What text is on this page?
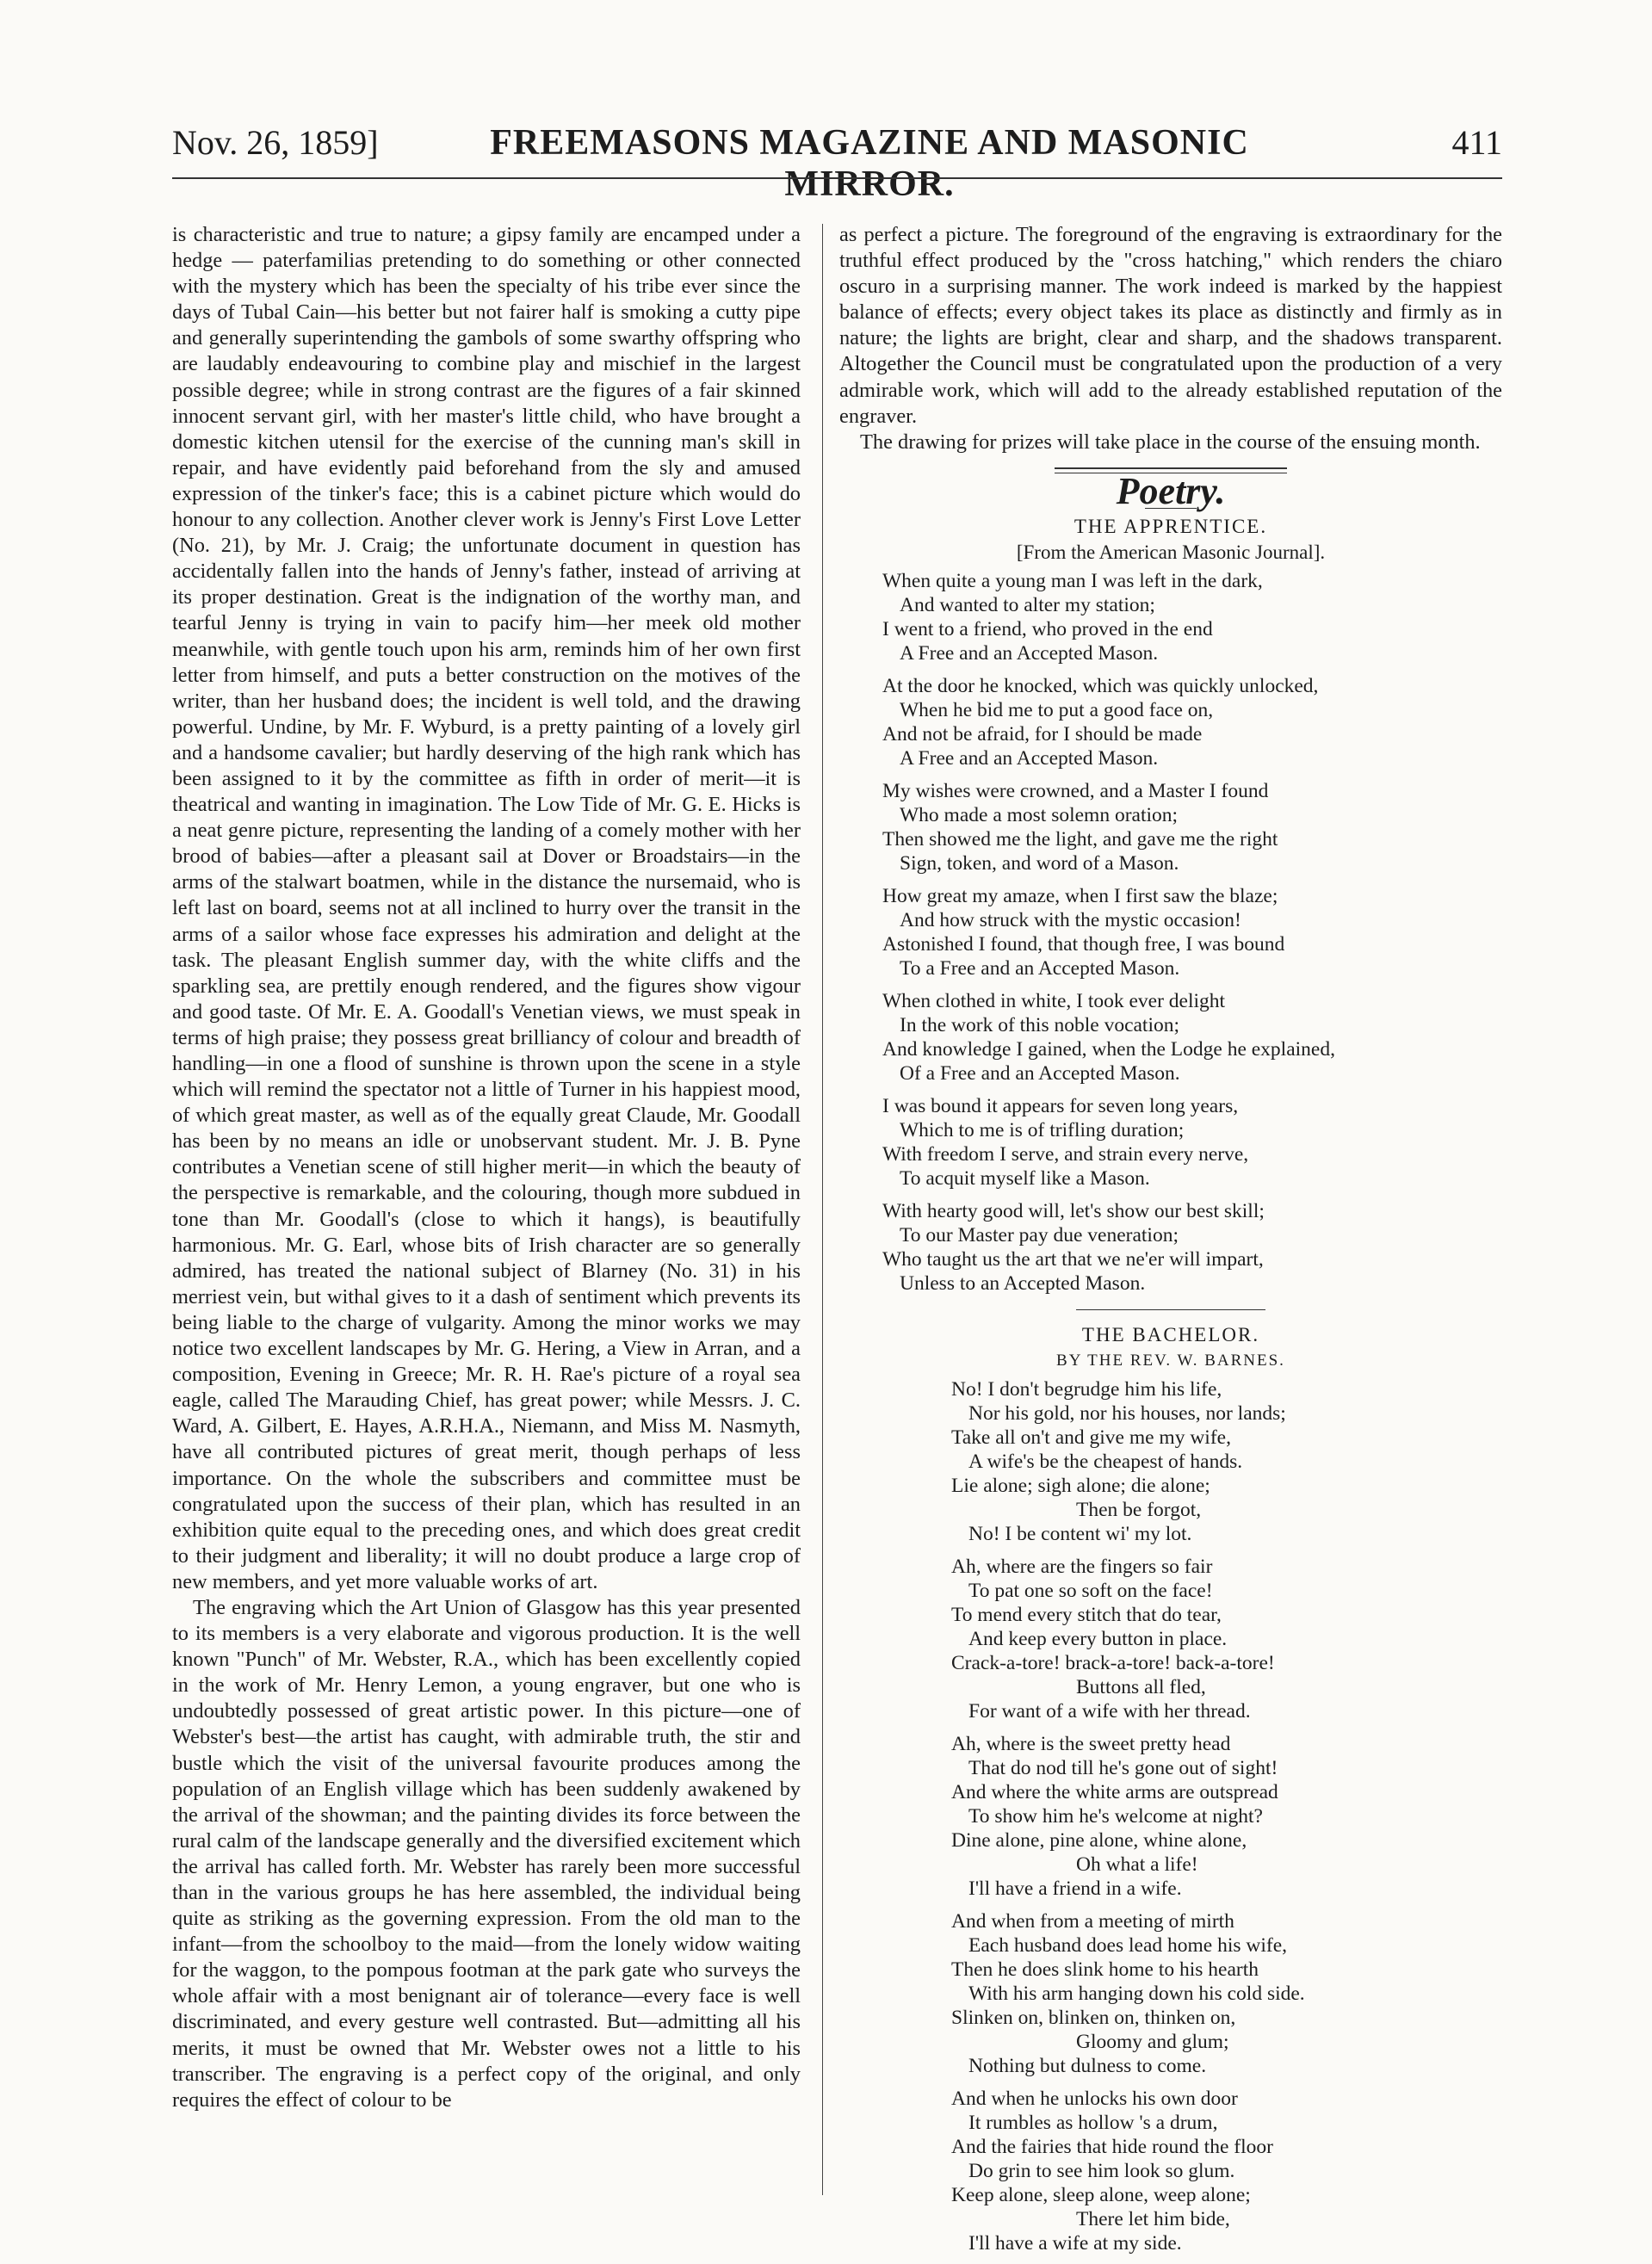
Nov. 26, 1859]	FREEMASONS MAGAZINE AND MASONIC MIRROR.
411

is characteristic and true to nature; a gipsy family are encamped under a hedge — paterfamilias pretending to do something or other connected with the mystery which has been the specialty of his tribe ever since the days of Tubal Cain—his better but not fairer half is smoking a cutty pipe and generally superintending the gambols of some swarthy offspring who are laudably endeavouring to combine play and mischief in the largest possible degree; while in strong contrast are the figures of a fair skinned innocent servant girl, with her master's little child, who have brought a domestic kitchen utensil for the exercise of the cunning man's skill in repair, and have evidently paid beforehand from the sly and amused expression of the tinker's face; this is a cabinet picture which would do honour to any collection. Another clever work is Jenny's First Love Letter (No. 21), by Mr. J. Craig; the unfortunate document in question has accidentally fallen into the hands of Jenny's father, instead of arriving at its proper destination. Great is the indignation of the worthy man, and tearful Jenny is trying in vain to pacify him—her meek old mother meanwhile, with gentle touch upon his arm, reminds him of her own first letter from himself, and puts a better construction on the motives of the writer, than her husband does; the incident is well told, and the drawing powerful. Undine, by Mr. F. Wyburd, is a pretty painting of a lovely girl and a handsome cavalier; but hardly deserving of the high rank which has been assigned to it by the committee as fifth in order of merit—it is theatrical and wanting in imagination. The Low Tide of Mr. G. E. Hicks is a neat genre picture, representing the landing of a comely mother with her brood of babies—after a pleasant sail at Dover or Broadstairs—in the arms of the stalwart boatmen, while in the distance the nursemaid, who is left last on board, seems not at all inclined to hurry over the transit in the arms of a sailor whose face expresses his admiration and delight at the task. The pleasant English summer day, with the white cliffs and the sparkling sea, are prettily enough rendered, and the figures show vigour and good taste. Of Mr. E. A. Goodall's Venetian views, we must speak in terms of high praise; they possess great brilliancy of colour and breadth of handling—in one a flood of sunshine is thrown upon the scene in a style which will remind the spectator not a little of Turner in his happiest mood, of which great master, as well as of the equally great Claude, Mr. Goodall has been by no means an idle or unobservant student. Mr. J. B. Pyne contributes a Venetian scene of still higher merit—in which the beauty of the perspective is remarkable, and the colouring, though more subdued in tone than Mr. Goodall's (close to which it hangs), is beautifully harmonious. Mr. G. Earl, whose bits of Irish character are so generally admired, has treated the national subject of Blarney (No. 31) in his merriest vein, but withal gives to it a dash of sentiment which prevents its being liable to the charge of vulgarity. Among the minor works we may notice two excellent landscapes by Mr. G. Hering, a View in Arran, and a composition, Evening in Greece; Mr. R. H. Rae's picture of a royal sea eagle, called The Marauding Chief, has great power; while Messrs. J. C. Ward, A. Gilbert, E. Hayes, A.R.H.A., Niemann, and Miss M. Nasmyth, have all contributed pictures of great merit, though perhaps of less importance. On the whole the subscribers and committee must be congratulated upon the success of their plan, which has resulted in an exhibition quite equal to the preceding ones, and which does great credit to their judgment and liberality; it will no doubt produce a large crop of new members, and yet more valuable works of art.

The engraving which the Art Union of Glasgow has this year presented to its members is a very elaborate and vigorous production. It is the well known "Punch" of Mr. Webster, R.A., which has been excellently copied in the work of Mr. Henry Lemon, a young engraver, but one who is undoubtedly possessed of great artistic power. In this picture—one of Webster's best—the artist has caught, with admirable truth, the stir and bustle which the visit of the universal favourite produces among the population of an English village which has been suddenly awakened by the arrival of the showman; and the painting divides its force between the rural calm of the landscape generally and the diversified excitement which the arrival has called forth. Mr. Webster has rarely been more successful than in the various groups he has here assembled, the individual being quite as striking as the governing expression. From the old man to the infant—from the schoolboy to the maid—from the lonely widow waiting for the waggon, to the pompous footman at the park gate who surveys the whole affair with a most benignant air of tolerance—every face is well discriminated, and every gesture well contrasted. But—admitting all his merits, it must be owned that Mr. Webster owes not a little to his transcriber. The engraving is a perfect copy of the original, and only requires the effect of colour to be

as perfect a picture. The foreground of the engraving is extraordinary for the truthful effect produced by the "cross hatching," which renders the chiaro oscuro in a surprising manner. The work indeed is marked by the happiest balance of effects; every object takes its place as distinctly and firmly as in nature; the lights are bright, clear and sharp, and the shadows transparent. Altogether the Council must be congratulated upon the production of a very admirable work, which will add to the already established reputation of the engraver.

The drawing for prizes will take place in the course of the ensuing month.

Poetry.
THE APPRENTICE.
[From the American Masonic Journal].
When quite a young man I was left in the dark,
And wanted to alter my station;
I went to a friend, who proved in the end
A Free and an Accepted Mason.
At the door he knocked, which was quickly unlocked,
When he bid me to put a good face on,
And not be afraid, for I should be made
A Free and an Accepted Mason.
My wishes were crowned, and a Master I found
Who made a most solemn oration;
Then showed me the light, and gave me the right
Sign, token, and word of a Mason.
How great my amaze, when I first saw the blaze;
And how struck with the mystic occasion!
Astonished I found, that though free, I was bound
To a Free and an Accepted Mason.
When clothed in white, I took ever delight
In the work of this noble vocation;
And knowledge I gained, when the Lodge he explained,
Of a Free and an Accepted Mason.
I was bound it appears for seven long years,
Which to me is of trifling duration;
With freedom I serve, and strain every nerve,
To acquit myself like a Mason.
With hearty good will, let's show our best skill;
To our Master pay due veneration;
Who taught us the art that we ne'er will impart,
Unless to an Accepted Mason.
THE BACHELOR.
BY THE REV. W. BARNES.
No! I don't begrudge him his life,
Nor his gold, nor his houses, nor lands;
Take all on't and give me my wife,
A wife's be the cheapest of hands.
Lie alone; sigh alone; die alone;
Then be forgot,
No! I be content wi' my lot.
Ah, where are the fingers so fair
To pat one so soft on the face!
To mend every stitch that do tear,
And keep every button in place.
Crack-a-tore! brack-a-tore! back-a-tore!
Buttons all fled,
For want of a wife with her thread.
Ah, where is the sweet pretty head
That do nod till he's gone out of sight!
And where the white arms are outspread
To show him he's welcome at night?
Dine alone, pine alone, whine alone,
Oh what a life!
I'll have a friend in a wife.
And when from a meeting of mirth
Each husband does lead home his wife,
Then he does slink home to his hearth
With his arm hanging down his cold side.
Slinken on, blinken on, thinken on,
Gloomy and glum;
Nothing but dulness to come.
And when he unlocks his own door
It rumbles as hollow 's a drum,
And the fairies that hide round the floor
Do grin to see him look so glum.
Keep alone, sleep alone, weep alone;
There let him bide,
I'll have a wife at my side.
